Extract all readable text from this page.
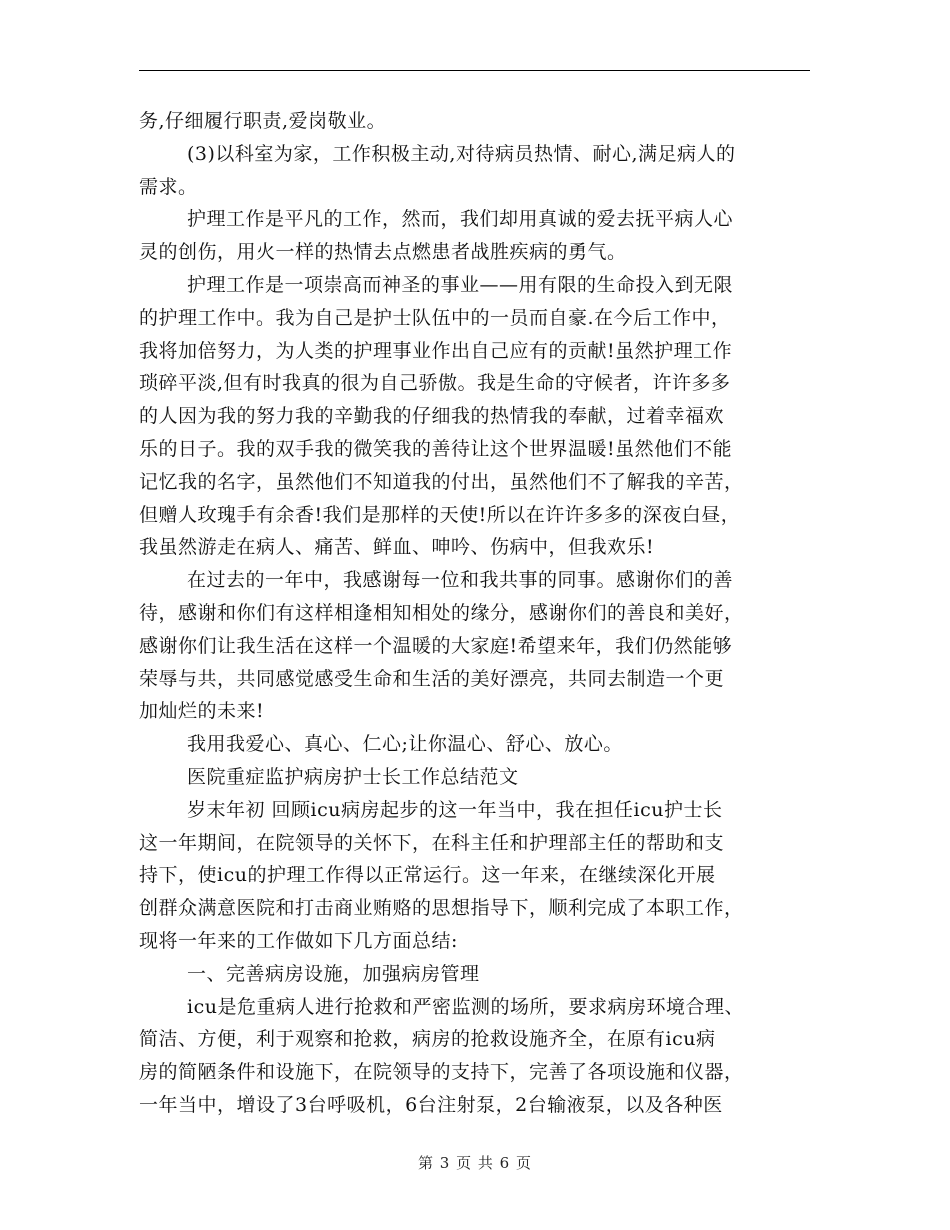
务,仔细履行职责,爱岗敬业。
(3)以科室为家，工作积极主动,对待病员热情、耐心,满足病人的
需求。
护理工作是平凡的工作，然而，我们却用真诚的爱去抚平病人心
灵的创伤，用火一样的热情去点燃患者战胜疾病的勇气。
护理工作是一项崇高而神圣的事业——用有限的生命投入到无限
的护理工作中。我为自己是护士队伍中的一员而自豪.在今后工作中，
我将加倍努力，为人类的护理事业作出自己应有的贡献!虽然护理工作
琐碎平淡,但有时我真的很为自己骄傲。我是生命的守候者，许许多多
的人因为我的努力我的辛勤我的仔细我的热情我的奉献，过着幸福欢
乐的日子。我的双手我的微笑我的善待让这个世界温暖!虽然他们不能
记忆我的名字，虽然他们不知道我的付出，虽然他们不了解我的辛苦，
但赠人玫瑰手有余香!我们是那样的天使!所以在许许多多的深夜白昼，
我虽然游走在病人、痛苦、鲜血、呻吟、伤病中，但我欢乐!
在过去的一年中，我感谢每一位和我共事的同事。感谢你们的善
待，感谢和你们有这样相逢相知相处的缘分，感谢你们的善良和美好，
感谢你们让我生活在这样一个温暖的大家庭!希望来年，我们仍然能够
荣辱与共，共同感觉感受生命和生活的美好漂亮，共同去制造一个更
加灿烂的未来!
我用我爱心、真心、仁心;让你温心、舒心、放心。
医院重症监护病房护士长工作总结范文
岁末年初 回顾icu病房起步的这一年当中，我在担任icu护士长
这一年期间，在院领导的关怀下，在科主任和护理部主任的帮助和支
持下，使icu的护理工作得以正常运行。这一年来，在继续深化开展
创群众满意医院和打击商业贿赂的思想指导下，顺利完成了本职工作，
现将一年来的工作做如下几方面总结:
一、完善病房设施，加强病房管理
icu是危重病人进行抢救和严密监测的场所，要求病房环境合理、
简洁、方便，利于观察和抢救，病房的抢救设施齐全，在原有icu病
房的简陋条件和设施下，在院领导的支持下，完善了各项设施和仪器，
一年当中，增设了3台呼吸机，6台注射泵，2台输液泵，以及各种医
第 3 页 共 6 页
